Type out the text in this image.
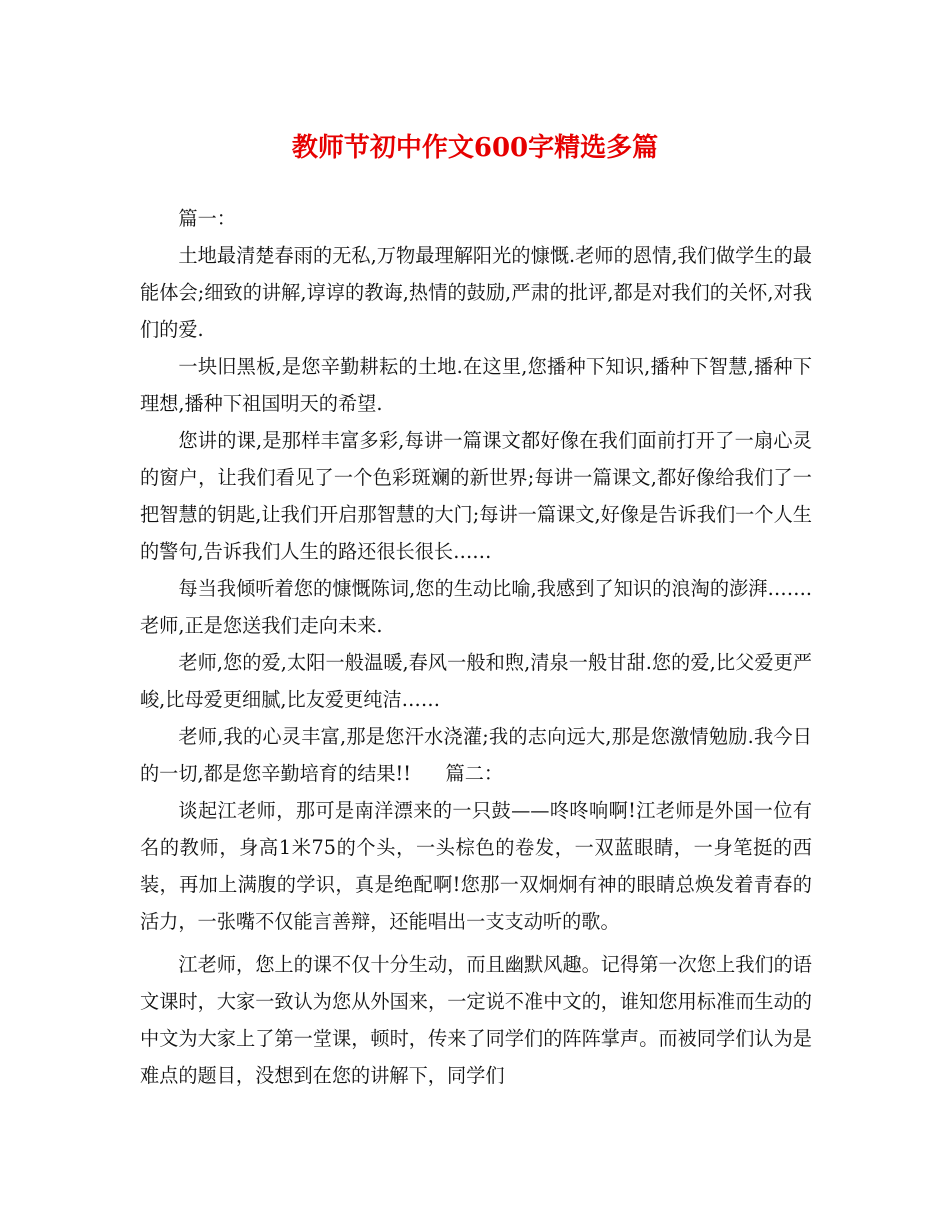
教师节初中作文600字精选多篇

篇一：

土地最清楚春雨的无私,万物最理解阳光的慷慨.老师的恩情,我们做学生的最能体会;细致的讲解,谆谆的教诲,热情的鼓励,严肃的批评,都是对我们的关怀,对我们的爱.

一块旧黑板,是您辛勤耕耘的土地.在这里,您播种下知识,播种下智慧,播种下理想,播种下祖国明天的希望.

您讲的课,是那样丰富多彩,每讲一篇课文都好像在我们面前打开了一扇心灵的窗户，让我们看见了一个色彩斑斓的新世界;每讲一篇课文,都好像给我们了一把智慧的钥匙,让我们开启那智慧的大门;每讲一篇课文,好像是告诉我们一个人生的警句,告诉我们人生的路还很长很长……

每当我倾听着您的慷慨陈词,您的生动比喻,我感到了知识的浪淘的澎湃…….老师,正是您送我们走向未来.

老师,您的爱,太阳一般温暖,春风一般和煦,清泉一般甘甜.您的爱,比父爱更严峻,比母爱更细腻,比友爱更纯洁……

老师,我的心灵丰富,那是您汗水浇灌;我的志向远大,那是您激情勉励.我今日的一切,都是您辛勤培育的结果!! 篇二：

谈起江老师，那可是南洋漂来的一只鼓——咚咚响啊!江老师是外国一位有名的教师，身高1米75的个头，一头棕色的卷发，一双蓝眼睛，一身笔挺的西装，再加上满腹的学识，真是绝配啊!您那一双炯炯有神的眼睛总焕发着青春的活力，一张嘴不仅能言善辩，还能唱出一支支动听的歌。

江老师，您上的课不仅十分生动，而且幽默风趣。记得第一次您上我们的语文课时，大家一致认为您从外国来，一定说不准中文的，谁知您用标准而生动的中文为大家上了第一堂课，顿时，传来了同学们的阵阵掌声。而被同学们认为是难点的题目，没想到在您的讲解下，同学们
